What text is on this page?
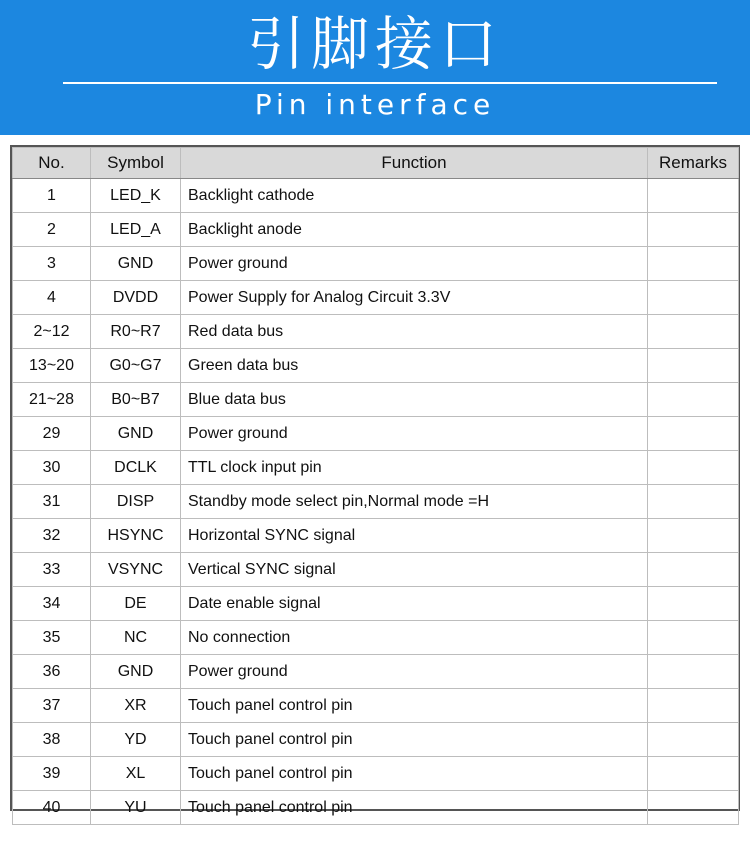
引脚接口
Pin interface
No.	Symbol	Function	Remarks
1	LED_K	Backlight cathode	
2	LED_A	Backlight anode	
3	GND	Power ground	
4	DVDD	Power Supply for Analog Circuit 3.3V	
2~12	R0~R7	Red data bus	
13~20	G0~G7	Green data bus	
21~28	B0~B7	Blue data bus	
29	GND	Power ground	
30	DCLK	TTL clock input pin	
31	DISP	Standby mode select pin,Normal mode =H	
32	HSYNC	Horizontal SYNC signal	
33	VSYNC	Vertical SYNC signal	
34	DE	Date enable signal	
35	NC	No connection	
36	GND	Power ground	
37	XR	Touch panel control pin	
38	YD	Touch panel control pin	
39	XL	Touch panel control pin	
40	YU	Touch panel control pin	
